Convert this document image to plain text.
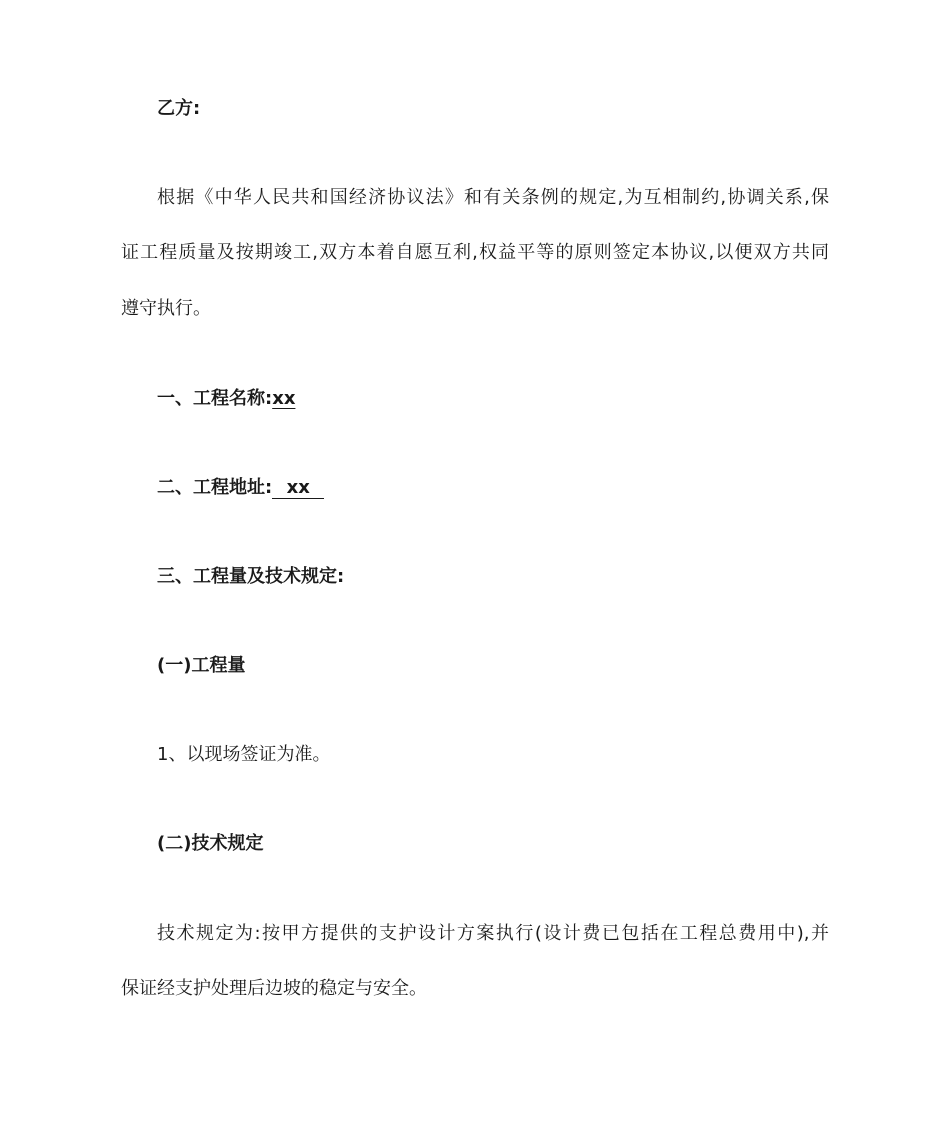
乙方:
根据《中华人民共和国经济协议法》和有关条例的规定,为互相制约,协调关系,保
证工程质量及按期竣工,双方本着自愿互利,权益平等的原则签定本协议,以便双方共同
遵守执行。
一、工程名称:xx
二、工程地址: xx
三、工程量及技术规定:
(一)工程量
1、以现场签证为准。
(二)技术规定
技术规定为:按甲方提供的支护设计方案执行(设计费已包括在工程总费用中),并
保证经支护处理后边坡的稳定与安全。
